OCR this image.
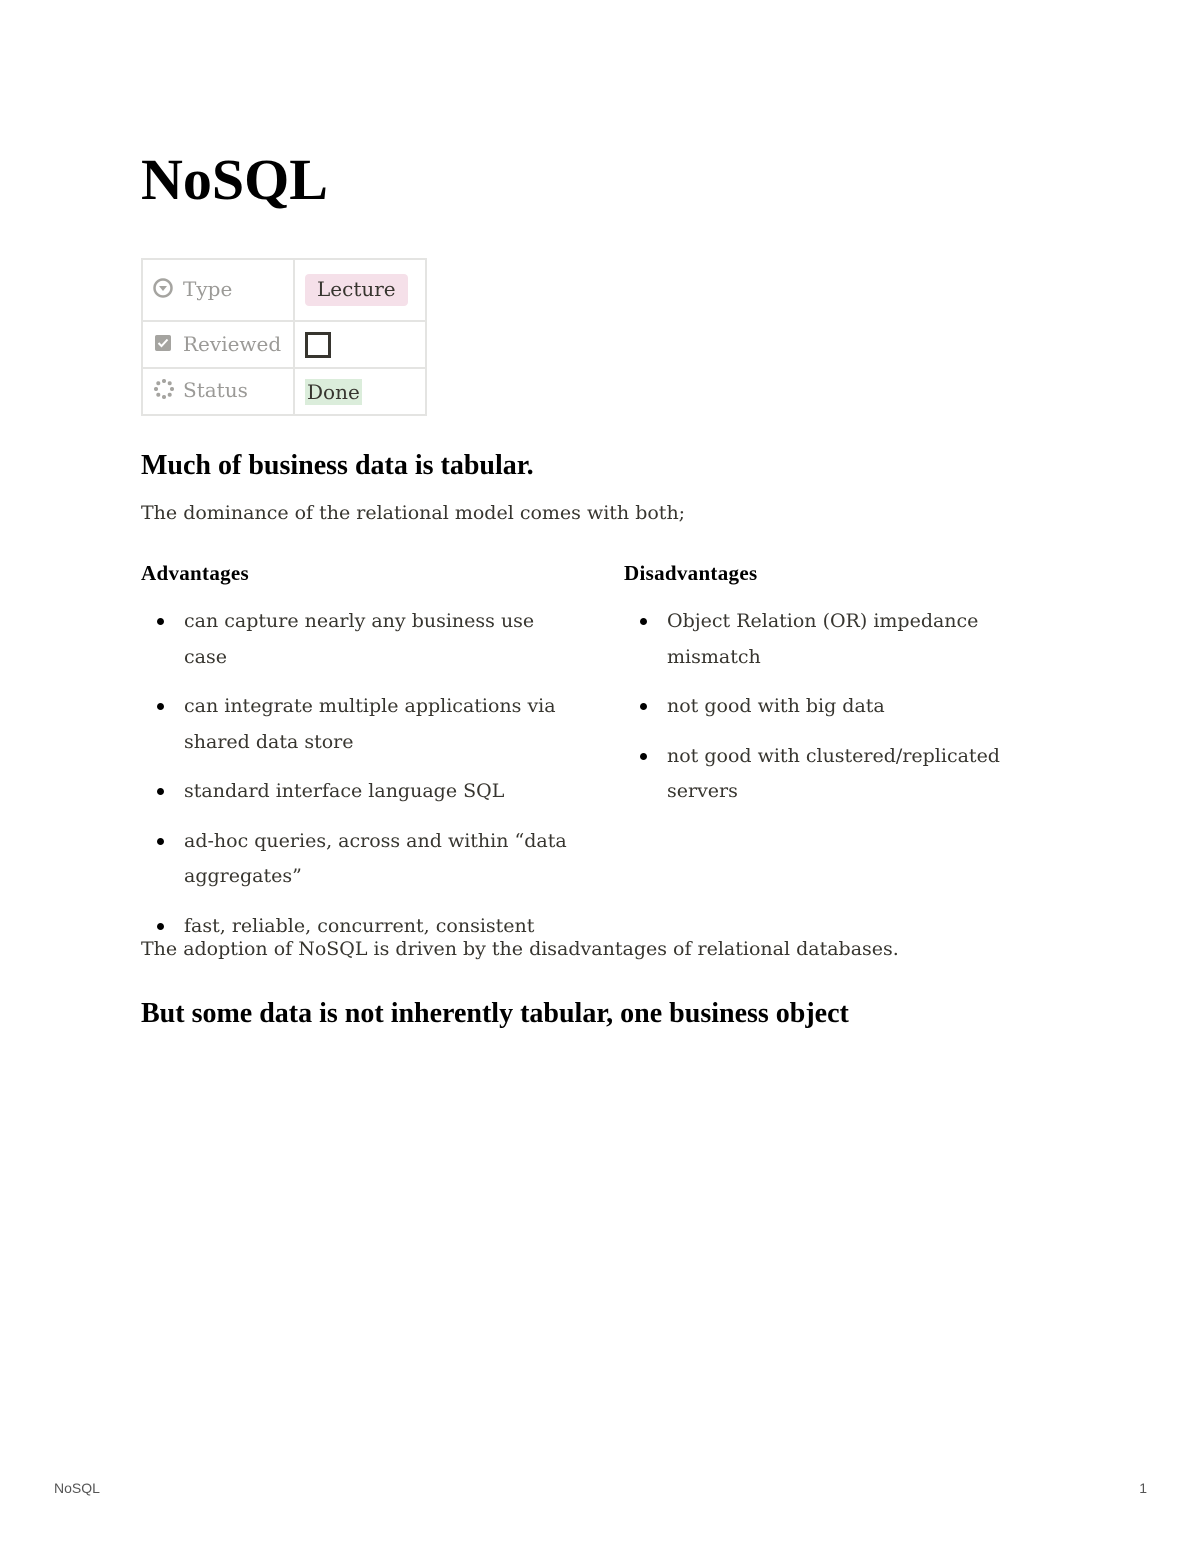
NoSQL
Type	Lecture
Reviewed	
Status	Done
Much of business data is tabular.

The dominance of the relational model comes with both;

Advantages
can capture nearly any business use case
can integrate multiple applications via shared data store
standard interface language SQL
ad-hoc queries, across and within “data aggregates”
fast, reliable, concurrent, consistent
Disadvantages
Object Relation (OR) impedance mismatch
not good with big data
not good with clustered/replicated servers

The adoption of NoSQL is driven by the disadvantages of relational databases.

But some data is not inherently tabular, one business object
NoSQL	1
